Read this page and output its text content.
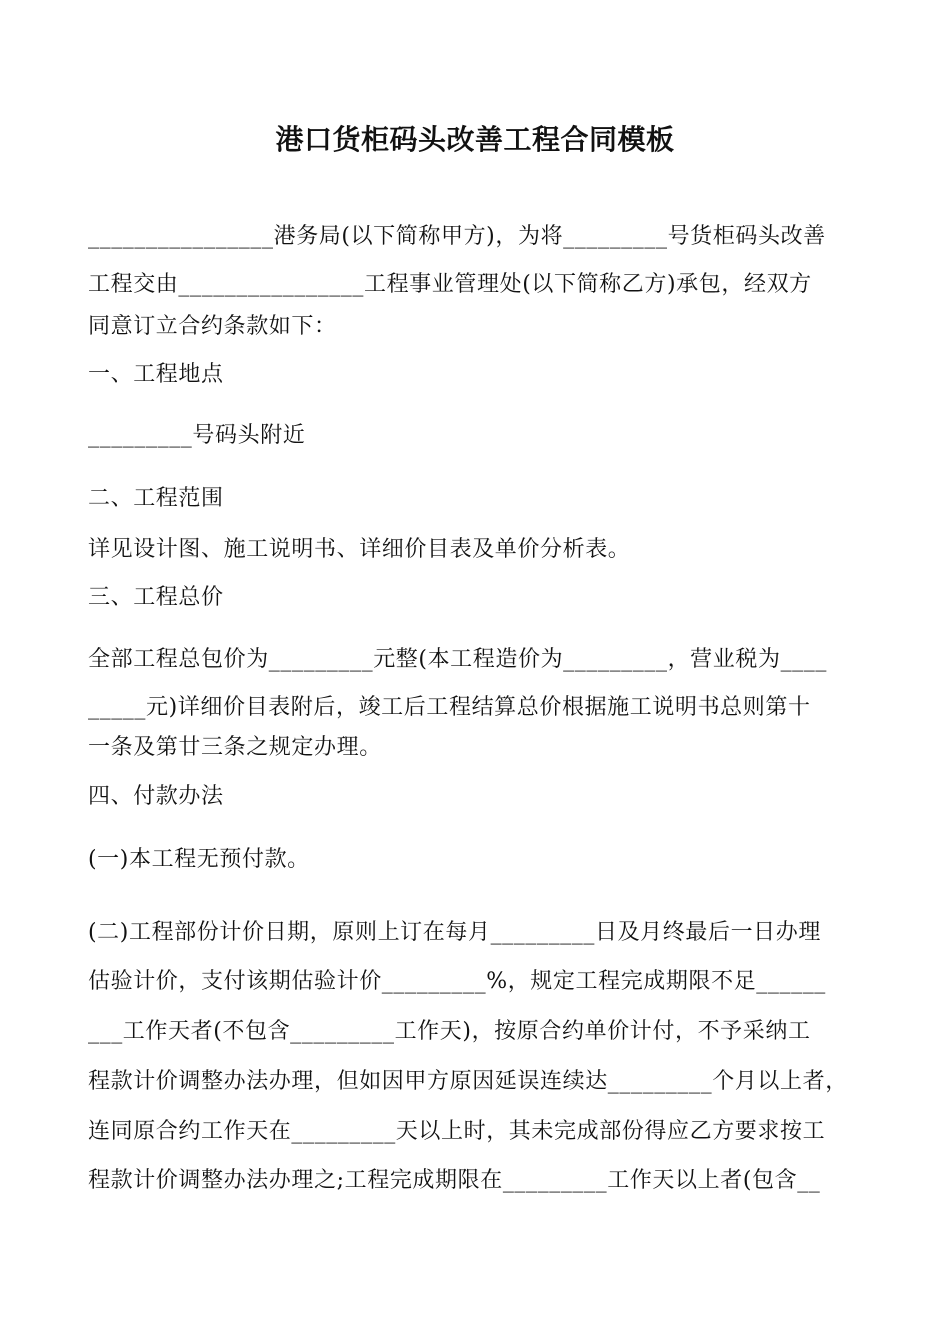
港口货柜码头改善工程合同模板
________________港务局(以下简称甲方)，为将_________号货柜码头改善
工程交由________________工程事业管理处(以下简称乙方)承包，经双方
同意订立合约条款如下：
一、工程地点
_________号码头附近
二、工程范围
详见设计图、施工说明书、详细价目表及单价分析表。
三、工程总价
全部工程总包价为_________元整(本工程造价为_________，营业税为____
_____元)详细价目表附后，竣工后工程结算总价根据施工说明书总则第十
一条及第廿三条之规定办理。
四、付款办法
(一)本工程无预付款。
(二)工程部份计价日期，原则上订在每月_________日及月终最后一日办理
估验计价，支付该期估验计价_________%，规定工程完成期限不足______
___工作天者(不包含_________工作天)，按原合约单价计付，不予采纳工
程款计价调整办法办理，但如因甲方原因延误连续达_________个月以上者，
连同原合约工作天在_________天以上时，其未完成部份得应乙方要求按工
程款计价调整办法办理之;工程完成期限在_________工作天以上者(包含__
